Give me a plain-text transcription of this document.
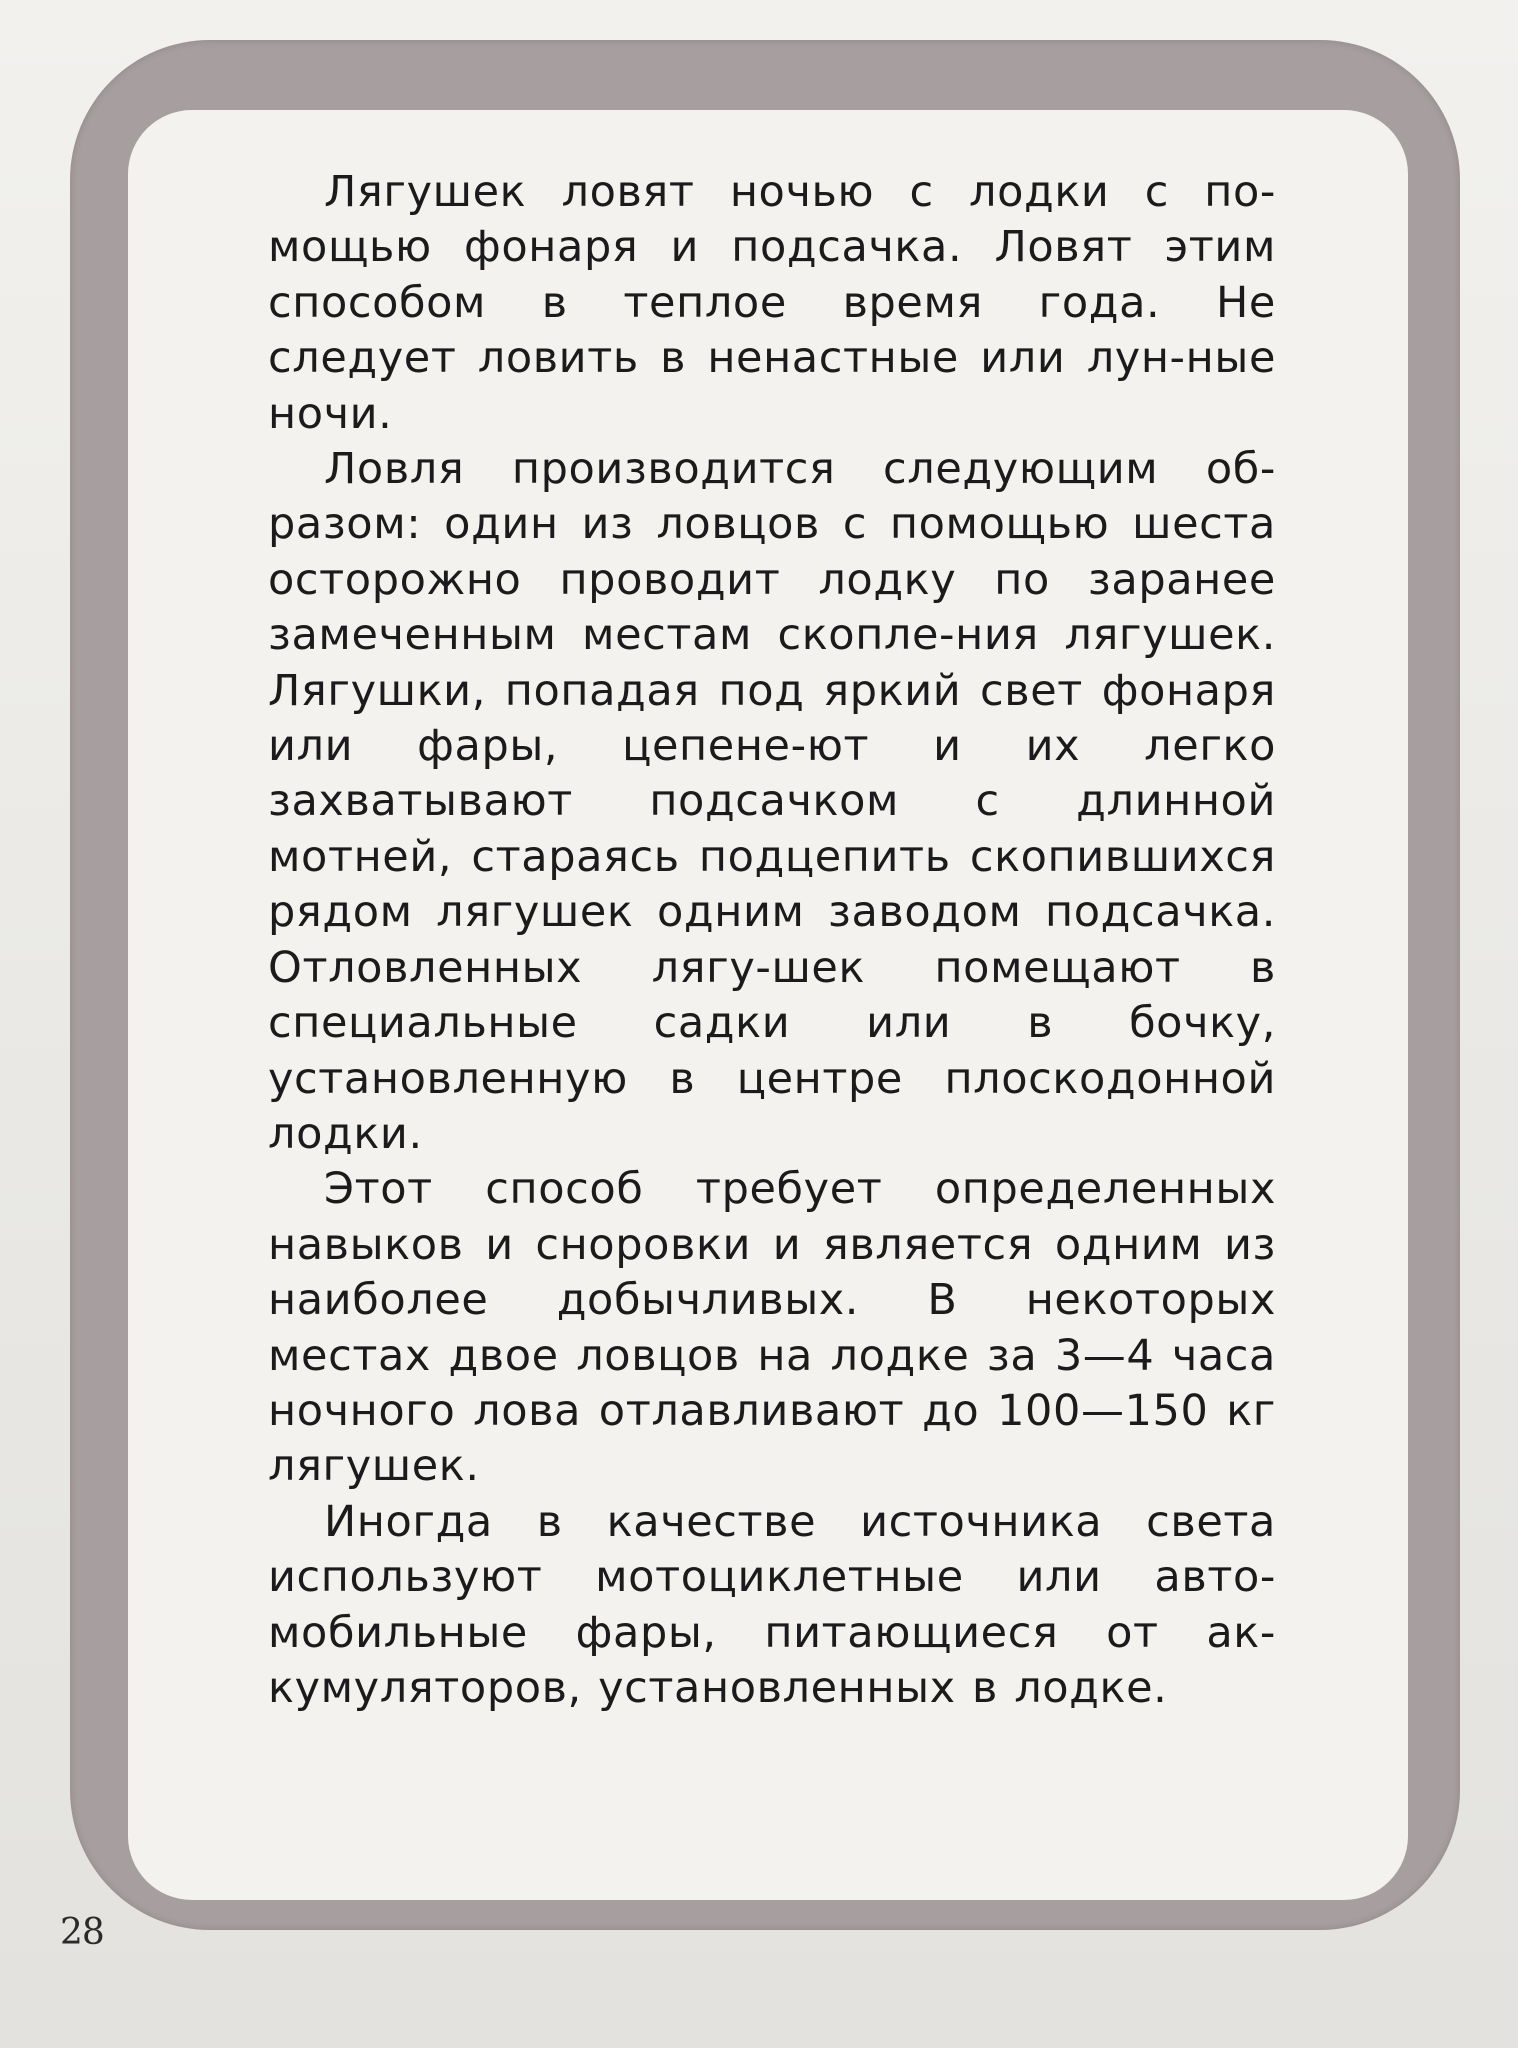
Лягушек ловят ночью с лодки с по-мощью фонаря и подсачка. Ловят этим способом в теплое время года. Не следует ловить в ненастные или лун-ные ночи.

Ловля производится следующим об-разом: один из ловцов с помощью шеста осторожно проводит лодку по заранее замеченным местам скопле-ния лягушек. Лягушки, попадая под яркий свет фонаря или фары, цепене-ют и их легко захватывают подсачком с длинной мотней, стараясь подцепить скопившихся рядом лягушек одним заводом подсачка. Отловленных лягу-шек помещают в специальные садки или в бочку, установленную в центре плоскодонной лодки.

Этот способ требует определенных навыков и сноровки и является одним из наиболее добычливых. В некоторых местах двое ловцов на лодке за 3—4 часа ночного лова отлавливают до 100—150 кг лягушек.

Иногда в качестве источника света используют мотоциклетные или авто-мобильные фары, питающиеся от ак-кумуляторов, установленных в лодке.

28
